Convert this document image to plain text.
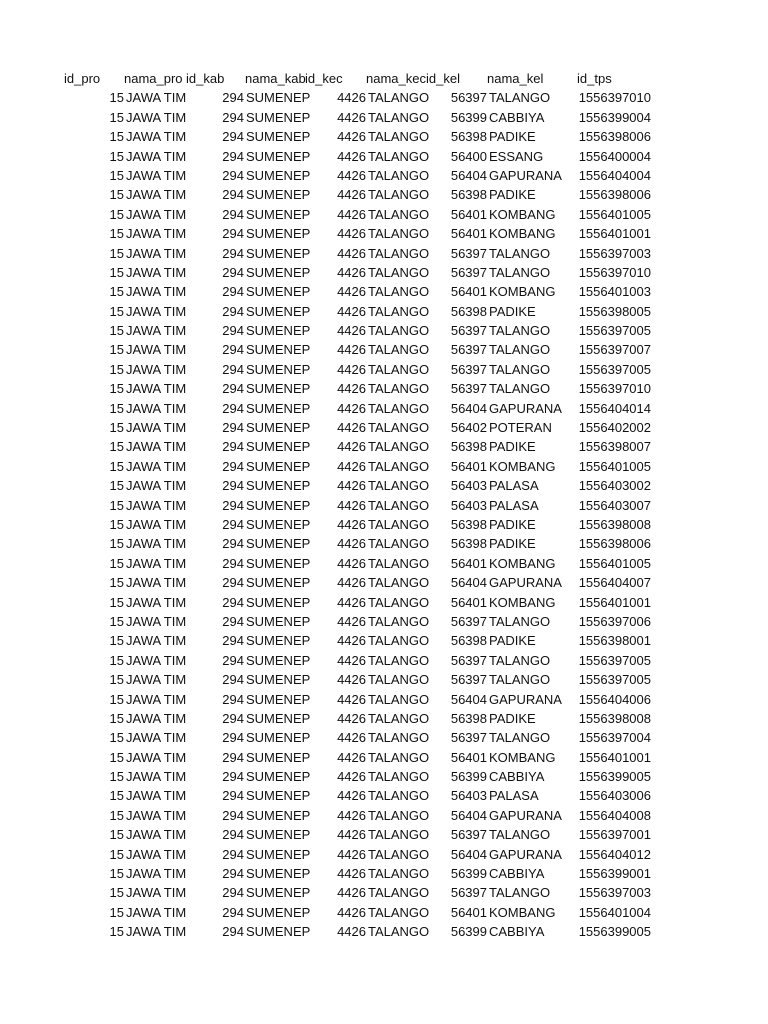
id_pro nama_pro id_kab nama_kab id_kec nama_kec id_kel nama_kel	id_tps
15 JAWA TIM	294 SUMENEP 4426 TALANGO 56397 TALANGO 1556397010
15 JAWA TIM	294 SUMENEP 4426 TALANGO 56399 CABBIYA	1556399004
15 JAWA TIM	294 SUMENEP 4426 TALANGO 56398 PADIKE	1556398006
15 JAWA TIM	294 SUMENEP 4426 TALANGO 56400 ESSANG	1556400004
15 JAWA TIM	294 SUMENEP 4426 TALANGO 56404 GAPURANA 1556404004
15 JAWA TIM	294 SUMENEP 4426 TALANGO 56398 PADIKE	1556398006
15 JAWA TIM	294 SUMENEP 4426 TALANGO 56401 KOMBANG 1556401005
15 JAWA TIM	294 SUMENEP 4426 TALANGO 56401 KOMBANG 1556401001
15 JAWA TIM	294 SUMENEP 4426 TALANGO 56397 TALANGO 1556397003
15 JAWA TIM	294 SUMENEP 4426 TALANGO 56397 TALANGO 1556397010
15 JAWA TIM	294 SUMENEP 4426 TALANGO 56401 KOMBANG 1556401003
15 JAWA TIM	294 SUMENEP 4426 TALANGO 56398 PADIKE	1556398005
15 JAWA TIM	294 SUMENEP 4426 TALANGO 56397 TALANGO 1556397005
15 JAWA TIM	294 SUMENEP 4426 TALANGO 56397 TALANGO 1556397007
15 JAWA TIM	294 SUMENEP 4426 TALANGO 56397 TALANGO 1556397005
15 JAWA TIM	294 SUMENEP 4426 TALANGO 56397 TALANGO 1556397010
15 JAWA TIM	294 SUMENEP 4426 TALANGO 56404 GAPURANA 1556404014
15 JAWA TIM	294 SUMENEP 4426 TALANGO 56402 POTERAN 1556402002
15 JAWA TIM	294 SUMENEP 4426 TALANGO 56398 PADIKE	1556398007
15 JAWA TIM	294 SUMENEP 4426 TALANGO 56401 KOMBANG 1556401005
15 JAWA TIM	294 SUMENEP 4426 TALANGO 56403 PALASA	1556403002
15 JAWA TIM	294 SUMENEP 4426 TALANGO 56403 PALASA	1556403007
15 JAWA TIM	294 SUMENEP 4426 TALANGO 56398 PADIKE	1556398008
15 JAWA TIM	294 SUMENEP 4426 TALANGO 56398 PADIKE	1556398006
15 JAWA TIM	294 SUMENEP 4426 TALANGO 56401 KOMBANG 1556401005
15 JAWA TIM	294 SUMENEP 4426 TALANGO 56404 GAPURANA 1556404007
15 JAWA TIM	294 SUMENEP 4426 TALANGO 56401 KOMBANG 1556401001
15 JAWA TIM	294 SUMENEP 4426 TALANGO 56397 TALANGO 1556397006
15 JAWA TIM	294 SUMENEP 4426 TALANGO 56398 PADIKE	1556398001
15 JAWA TIM	294 SUMENEP 4426 TALANGO 56397 TALANGO 1556397005
15 JAWA TIM	294 SUMENEP 4426 TALANGO 56397 TALANGO 1556397005
15 JAWA TIM	294 SUMENEP 4426 TALANGO 56404 GAPURANA 1556404006
15 JAWA TIM	294 SUMENEP 4426 TALANGO 56398 PADIKE	1556398008
15 JAWA TIM	294 SUMENEP 4426 TALANGO 56397 TALANGO 1556397004
15 JAWA TIM	294 SUMENEP 4426 TALANGO 56401 KOMBANG 1556401001
15 JAWA TIM	294 SUMENEP 4426 TALANGO 56399 CABBIYA	1556399005
15 JAWA TIM	294 SUMENEP 4426 TALANGO 56403 PALASA	1556403006
15 JAWA TIM	294 SUMENEP 4426 TALANGO 56404 GAPURANA 1556404008
15 JAWA TIM	294 SUMENEP 4426 TALANGO 56397 TALANGO 1556397001
15 JAWA TIM	294 SUMENEP 4426 TALANGO 56404 GAPURANA 1556404012
15 JAWA TIM	294 SUMENEP 4426 TALANGO 56399 CABBIYA	1556399001
15 JAWA TIM	294 SUMENEP 4426 TALANGO 56397 TALANGO 1556397003
15 JAWA TIM	294 SUMENEP 4426 TALANGO 56401 KOMBANG 1556401004
15 JAWA TIM	294 SUMENEP 4426 TALANGO 56399 CABBIYA	1556399005
